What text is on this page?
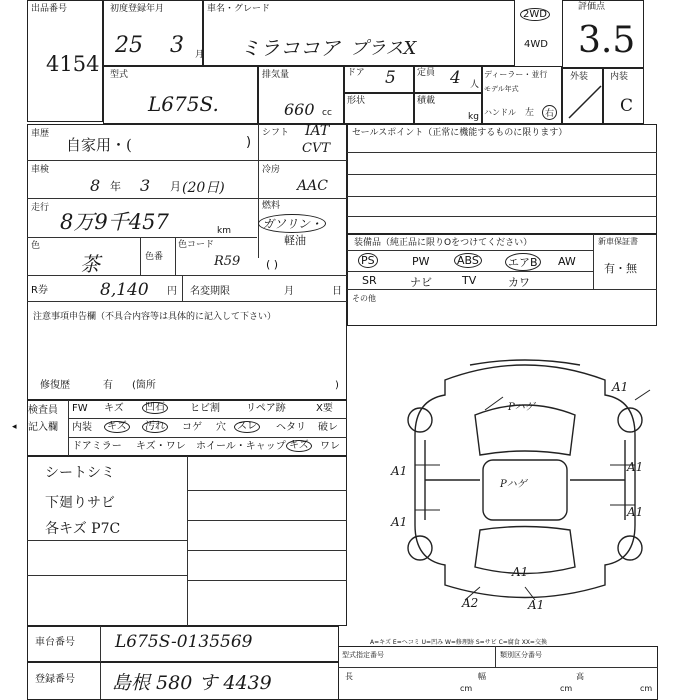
出品番号
4154
初度登録年月
25 3 月
車名・グレード
ミラココア プラスX
2WD
4WD
評価点
3.5
型式
L675S.
排気量
660 cc
ドア 5 定員 4 人
ディーラー・並行
モデル年式
ハンドル 左	右
形状	積載
kg
外装 内装
C
車歴
自家用・(	)
シフト IAT
CVT
車検
8 年 3 月 (20日)
冷房
AAC
走行
8万9千457	km
燃料
ガソリン・
軽油
( )
色
茶	色番
色コード
R59
R券	8,140 円 名変期限	月	日
注意事項申告欄（不具合内容等は具体的に記入して下さい）
修復歴	有 (箇所	)
セールスポイント（正常に機能するものに限ります）
装備品（純正品に限りOをつけてください）	新車保証書
有・無
PS	PW ABS	エアB AW
SR	ナビ	TV	カワ
その他
検査員
記入欄
◂
FW キズ	凹石	ヒビ割	リペア跡	X要
内装	キズ	汚れ	コゲ 穴	スレ	ヘタリ 破レ
ドアミラー キズ・ワレ ホイール・キャップ キズ	ワレ
シートシミ
下廻りサビ
各キズ P7C
Pハゲ
Pハゲ
A1
A1
A1
A1
A1
A1
A2	A1
車台番号 L675S-0135569
登録番号 島根 580 す 4439
A=キズ E=ヘコミ U=凹み W=修理跡 S=サビ C=腐食 XX=交換
型式指定番号	類別区分番号
長
cm
幅
cm
高
cm
